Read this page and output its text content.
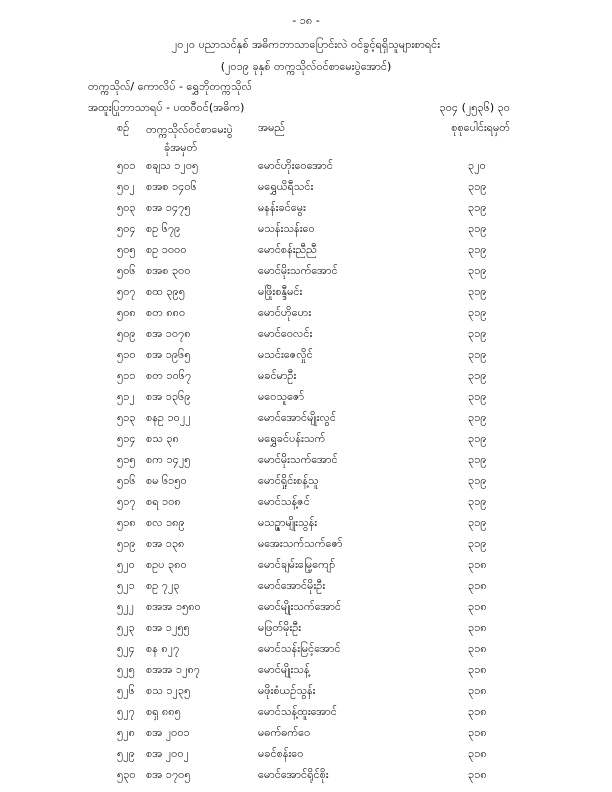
- ၁၈ -
၂၀၂၀ ပညာသင်နှစ် အဓိကဘာသာပြောင်းလဲ ဝင်ခွင့်ရရှိသူများစာရင်း
(၂၀၁၉ ခုနှစ် တက္ကသိုလ်ဝင်စာမေးပွဲအောင်)
တက္ကသိုလ်/ ကောလိပ် - ရွှေဘိုတက္ကသိုလ်
အထူးပြုဘာသာရပ် - ပထဝီဝင်(အဓိက)	၃၀၄ (၂၅၃၆) ၃၀
စဉ် တက္ကသိုလ်ဝင်စာမေးပွဲ
ခုံအမှတ်
အမည်	စုစုပေါင်းရမှတ်
၅၀၁ စချသ ၁၂၀၅	မောင်ဟိုးဝေအောင်	၃၂၀
၅၀၂ စအစ ၁၄၀၆	မရွှေယိရီသင်း	၃၁၉
၅၀၃ စအ ၁၄၇၅	မနန်းခင်မွေး	၃၁၉
၅၀၄ စဥ ၆၇၉	မသန်းသန်းဝေ	၃၁၉
၅၀၅ စဥ ၁၀၀၀	မောင်စန်းညီညီ	၃၁၉
၅၀၆ စအစ ၃၀၀	မောင်မိုးသက်အောင်	၃၁၉
၅၀၇ စထ ၃၉၅	မဖြိုးစန္ဒီမင်း	၃၁၉
၅၀၈ စတ ၈၈၀	မောင်ဟိုဟေး	၃၁၉
၅၀၉ စအ ၁၀၇၈	မောင်ဝေလင်း	၃၁၉
၅၁၀ စအ ၁၉၆၅	မသင်းဇေလှိုင်	၃၁၉
၅၁၁ စတ ၁၀၆၇	မခင်မာဦး	၃၁၉
၅၁၂ စအ ၁၃၆၉	မဝေသူဇော်	၃၁၉
၅၁၃ စနဥ ၁၀၂၂	မောင်အောင်မျိုးလွင်	၃၁၉
၅၁၄ စသ ၃၈	မရွှေခင်ပန်းသက်	၃၁၉
၅၁၅ စက ၁၄၂၅	မောင်မိုးသက်အောင်	၃၁၉
၅၁၆ စမ ၆၁၅၀	မောင်ရှိုင်းစန့်သူ	၃၁၉
၅၁၇ စရ ၁၀၈	မောင်သန့်ဇင်	၃၁၉
၅၁၈ စလ ၁၈၉	မသဥ္ဇာမျိုးသွန်း	၃၁၉
၅၁၉ စအ ၁၃၈	မအေးသက်သက်ဇော်	၃၁၉
၅၂၀ စဥပ ၃၈၀	မောင်ချမ်းမြေ့ကျော်	၃၁၈
၅၂၁ စဥ ၇၂၃	မောင်အောင်မိုးဦး	၃၁၈
၅၂၂ စအအ ၁၅၈၀	မောင်မျိုးသက်အောင်	၃၁၈
၅၂၃ စအ ၁၂၅၅	မဖြတ်မိုးဦး	၃၁၈
၅၂၄ စန ၈၂၇	မောင်သန်းမြင့်အောင်	၃၁၈
၅၂၅ စအအ ၁၂၈၇	မောင်မျိုးသန့်	၃၁၈
၅၂၆ စသ ၁၂၃၅	မဖိုးစံယဉ်သွန်း	၃၁၈
၅၂၇ စရှ ၈၈၅	မောင်သန့်ထူးအောင်	၃၁၈
၅၂၈ စအ ၂၀၀၁	မဓက်ဓက်ဝေ	၃၁၈
၅၂၉ စအ ၂၀၀၂	မခင်စန်းဝေ	၃၁၈
၅၃၀ စအ ၁၇၀၅	မောင်အောင်ရိုင်စိုး	၃၁၈
